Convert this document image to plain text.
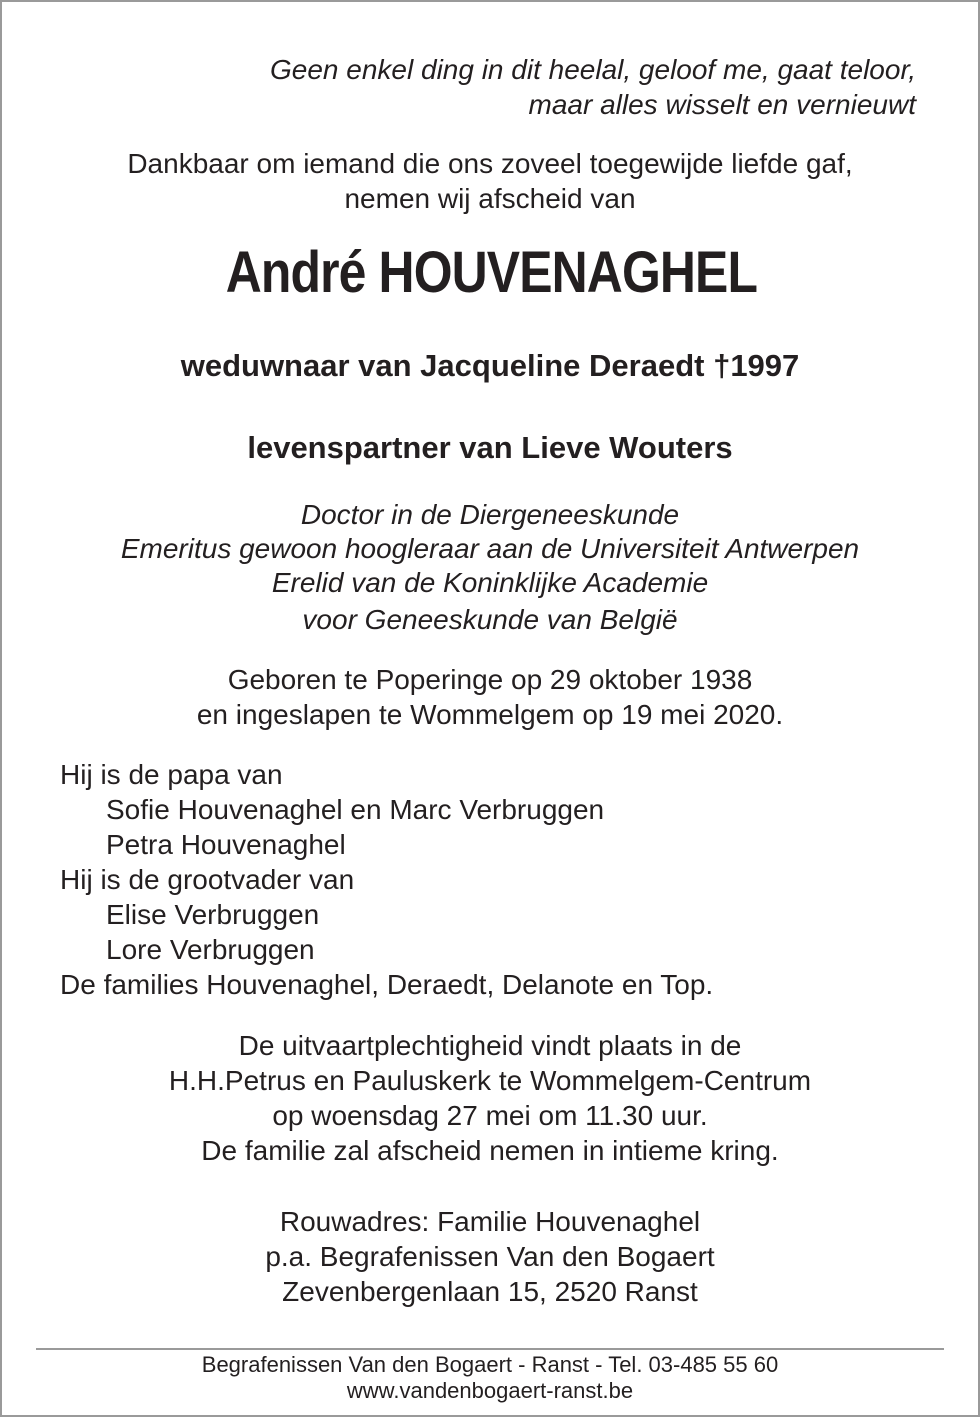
Geen enkel ding in dit heelal, geloof me, gaat teloor,
maar alles wisselt en vernieuwt
Dankbaar om iemand die ons zoveel toegewijde liefde gaf,
nemen wij afscheid van
André HOUVENAGHEL
weduwnaar van Jacqueline Deraedt †1997
levenspartner van Lieve Wouters
Doctor in de Diergeneeskunde
Emeritus gewoon hoogleraar aan de Universiteit Antwerpen
Erelid van de Koninklijke Academie
voor Geneeskunde van België
Geboren te Poperinge op 29 oktober 1938
en ingeslapen te Wommelgem op 19 mei 2020.
Hij is de papa van
Sofie Houvenaghel en Marc Verbruggen
Petra Houvenaghel
Hij is de grootvader van
Elise Verbruggen
Lore Verbruggen
De families Houvenaghel, Deraedt, Delanote en Top.
De uitvaartplechtigheid vindt plaats in de
H.H.Petrus en Pauluskerk te Wommelgem-Centrum
op woensdag 27 mei om 11.30 uur.
De familie zal afscheid nemen in intieme kring.
Rouwadres: Familie Houvenaghel
p.a. Begrafenissen Van den Bogaert
Zevenbergenlaan 15, 2520 Ranst
Begrafenissen Van den Bogaert - Ranst - Tel. 03-485 55 60
www.vandenbogaert-ranst.be
